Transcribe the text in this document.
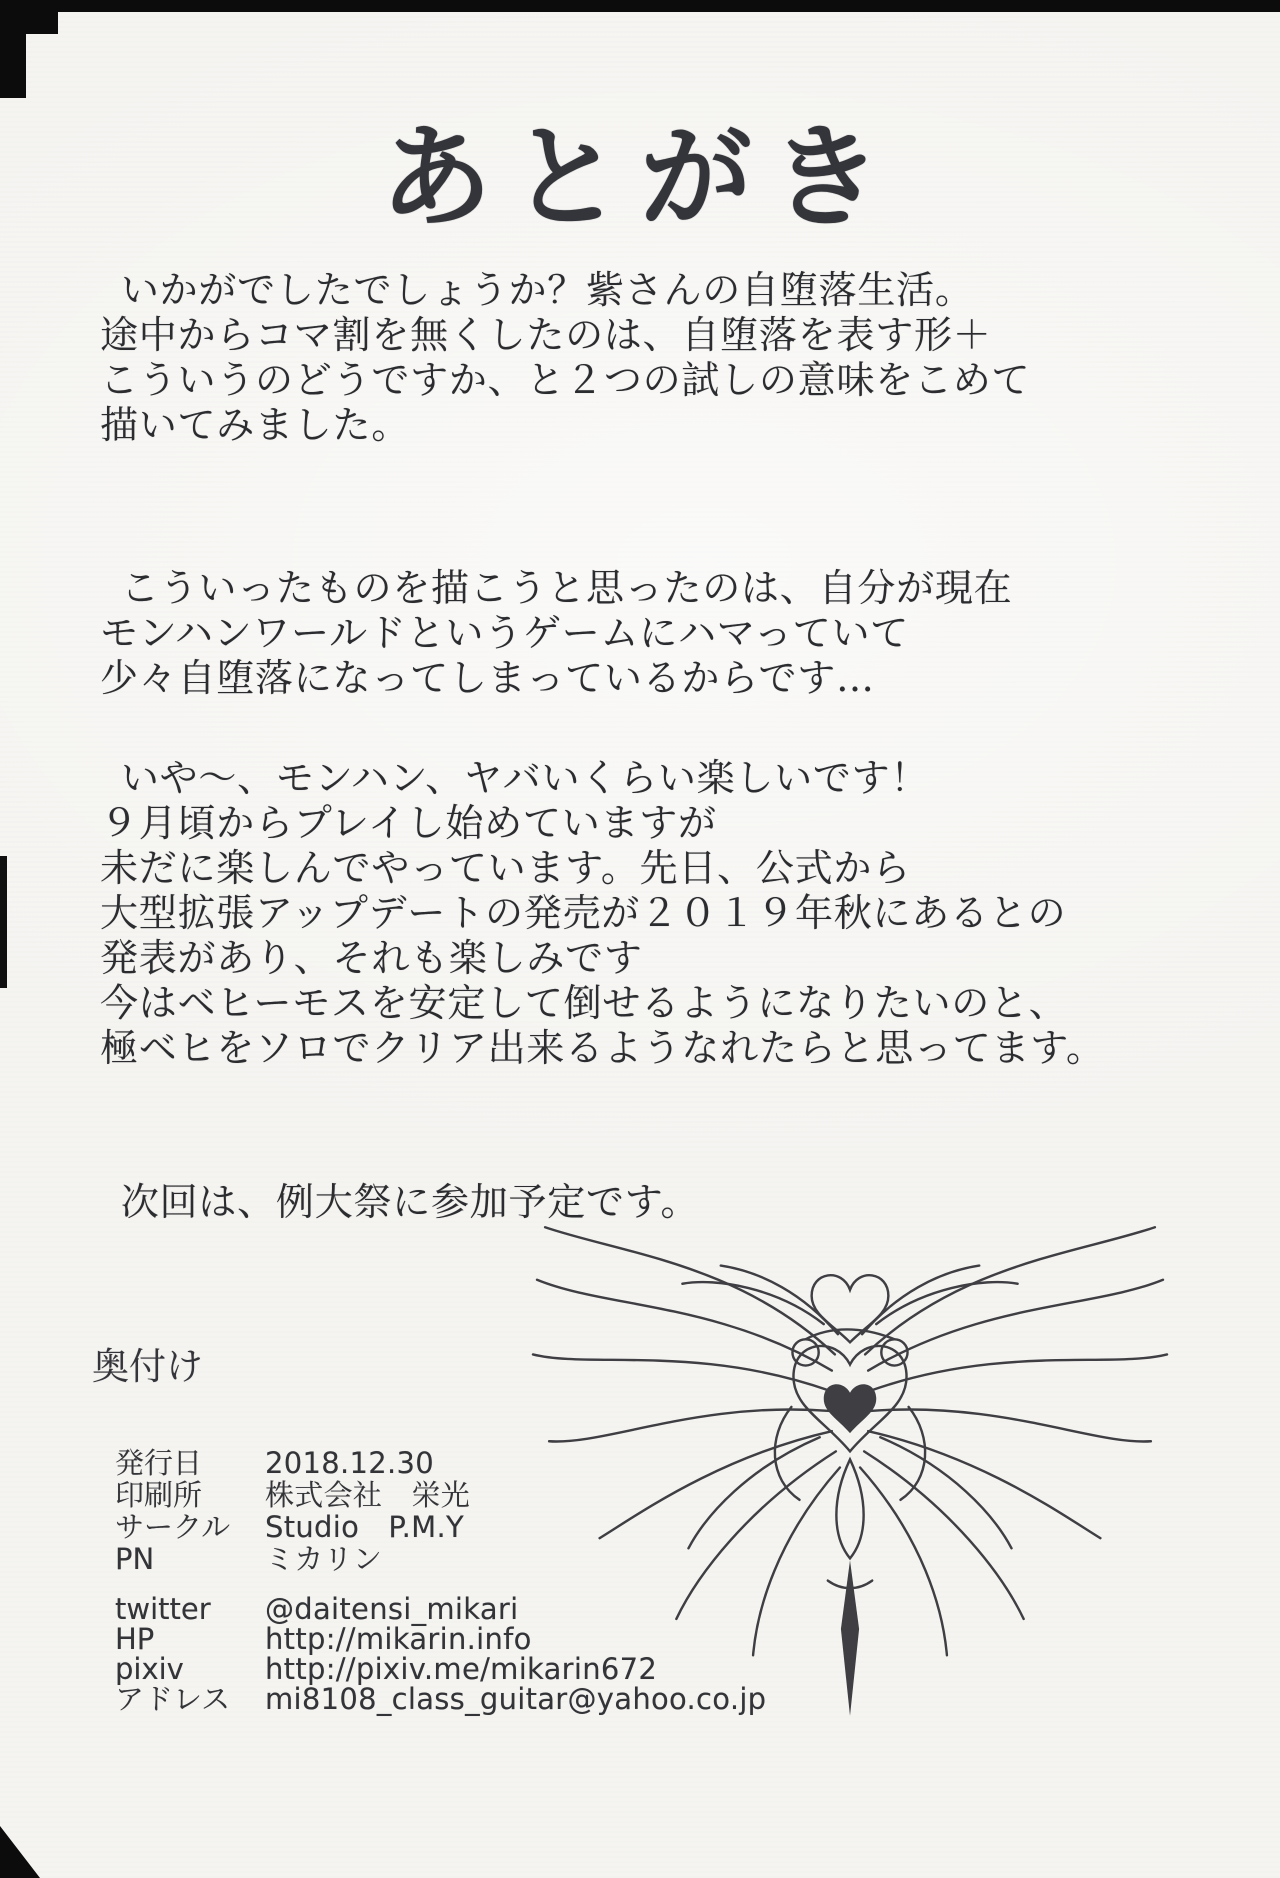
あとがき
いかがでしたでしょうか？紫さんの自堕落生活。
途中からコマ割を無くしたのは、自堕落を表す形＋
こういうのどうですか、と２つの試しの意味をこめて
描いてみました。
こういったものを描こうと思ったのは、自分が現在
モンハンワールドというゲームにハマっていて
少々自堕落になってしまっているからです…
いや〜、モンハン、ヤバいくらい楽しいです！
９月頃からプレイし始めていますが
未だに楽しんでやっています。先日、公式から
大型拡張アップデートの発売が２０１９年秋にあるとの
発表があり、それも楽しみです
今はベヒーモスを安定して倒せるようになりたいのと、
極ベヒをソロでクリア出来るようなれたらと思ってます。
次回は、例大祭に参加予定です。
奥付け
発行日	2018.12.30
印刷所	株式会社　栄光
サークル	Studio　P.M.Y
PN	ミカリン
twitter	@daitensi_mikari
HP	http://mikarin.info
pixiv	http://pixiv.me/mikarin672
アドレス	mi8108_class_guitar@yahoo.co.jp
